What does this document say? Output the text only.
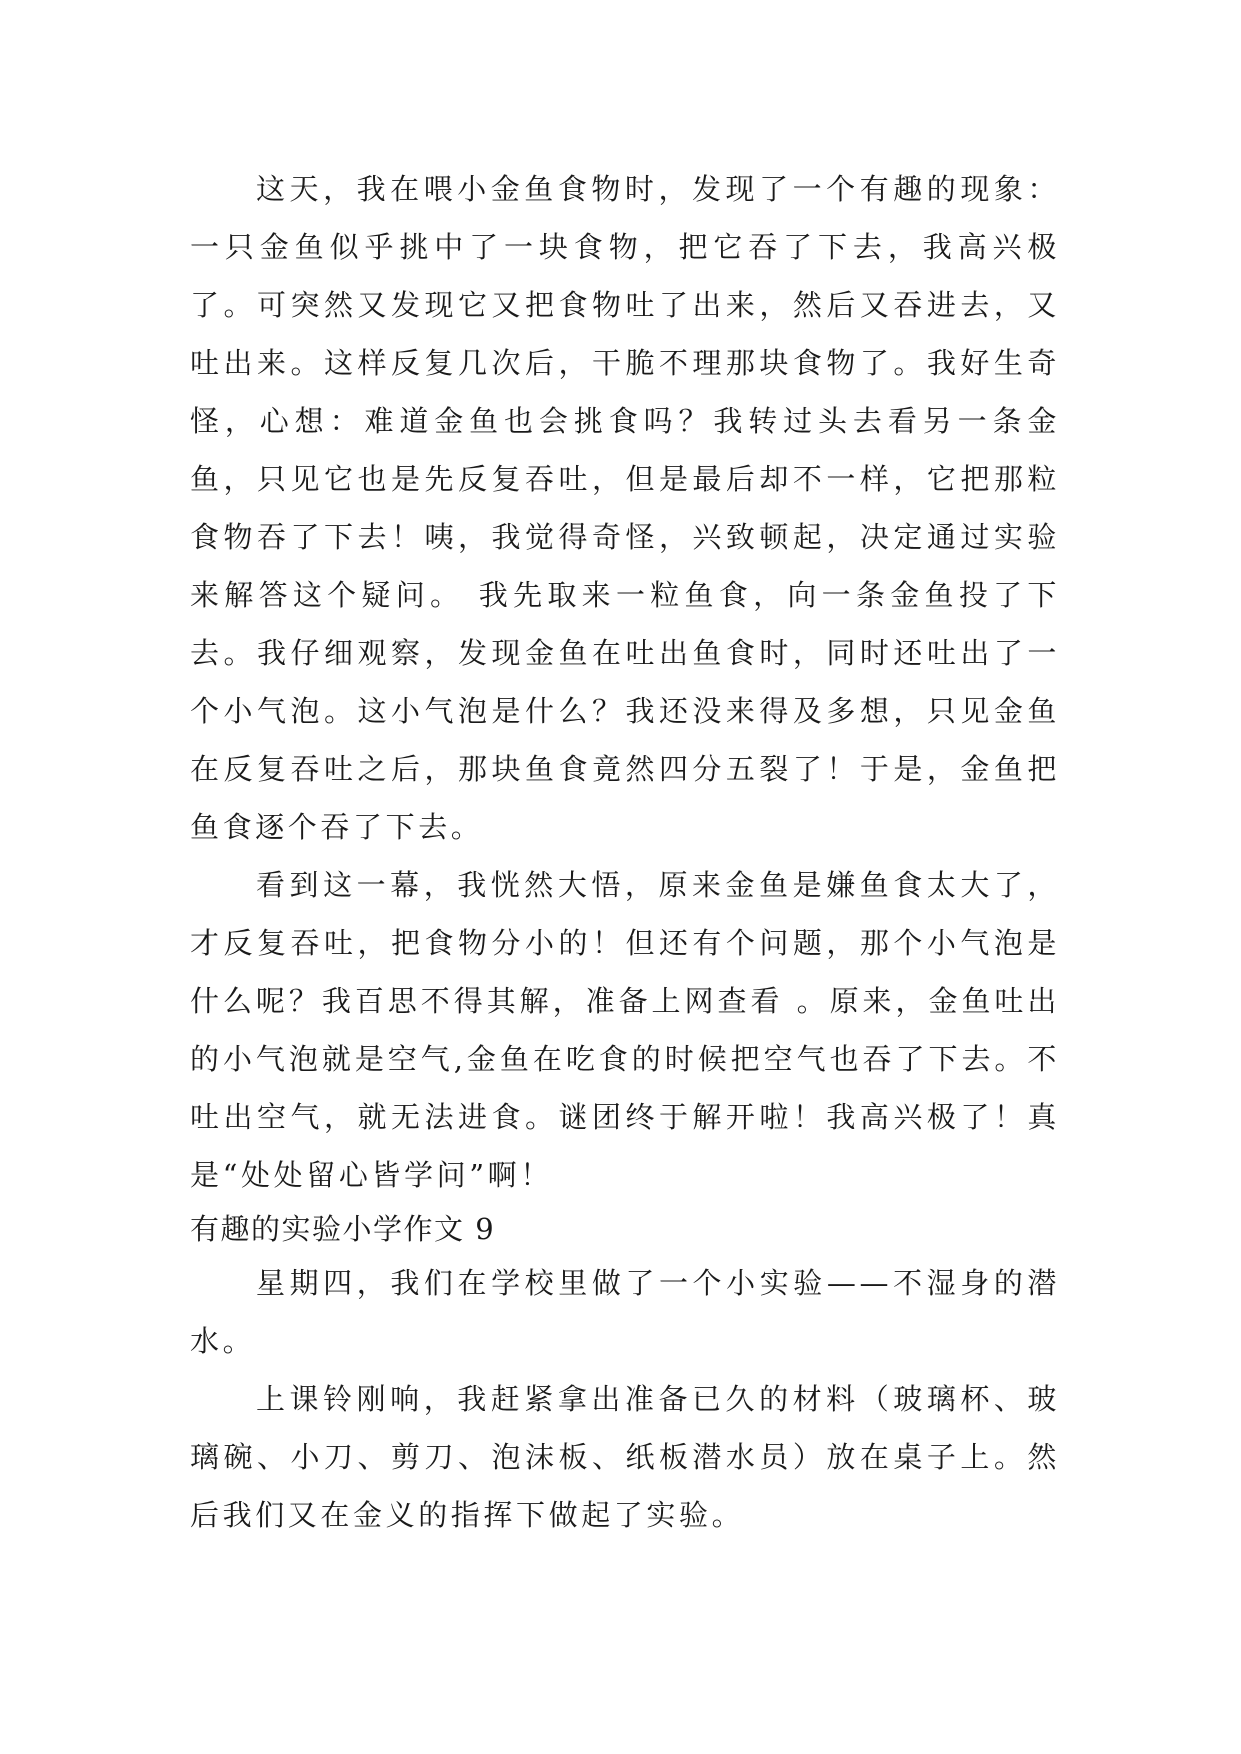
这天，我在喂小金鱼食物时，发现了一个有趣的现象：一只金鱼似乎挑中了一块食物，把它吞了下去，我高兴极了。可突然又发现它又把食物吐了出来，然后又吞进去，又吐出来。这样反复几次后，干脆不理那块食物了。我好生奇怪，心想：难道金鱼也会挑食吗？我转过头去看另一条金鱼，只见它也是先反复吞吐，但是最后却不一样，它把那粒食物吞了下去！咦，我觉得奇怪，兴致顿起，决定通过实验来解答这个疑问。 我先取来一粒鱼食，向一条金鱼投了下去。我仔细观察，发现金鱼在吐出鱼食时，同时还吐出了一个小气泡。这小气泡是什么？我还没来得及多想，只见金鱼在反复吞吐之后，那块鱼食竟然四分五裂了！于是，金鱼把鱼食逐个吞了下去。

看到这一幕，我恍然大悟，原来金鱼是嫌鱼食太大了，才反复吞吐，把食物分小的！但还有个问题，那个小气泡是什么呢？我百思不得其解，准备上网查看 。原来，金鱼吐出的小气泡就是空气,金鱼在吃食的时候把空气也吞了下去。不吐出空气，就无法进食。谜团终于解开啦！我高兴极了！真是“处处留心皆学问”啊！

有趣的实验小学作文 9

星期四，我们在学校里做了一个小实验——不湿身的潜水。

上课铃刚响，我赶紧拿出准备已久的材料（玻璃杯、玻璃碗、小刀、剪刀、泡沫板、纸板潜水员）放在桌子上。然后我们又在金义的指挥下做起了实验。
